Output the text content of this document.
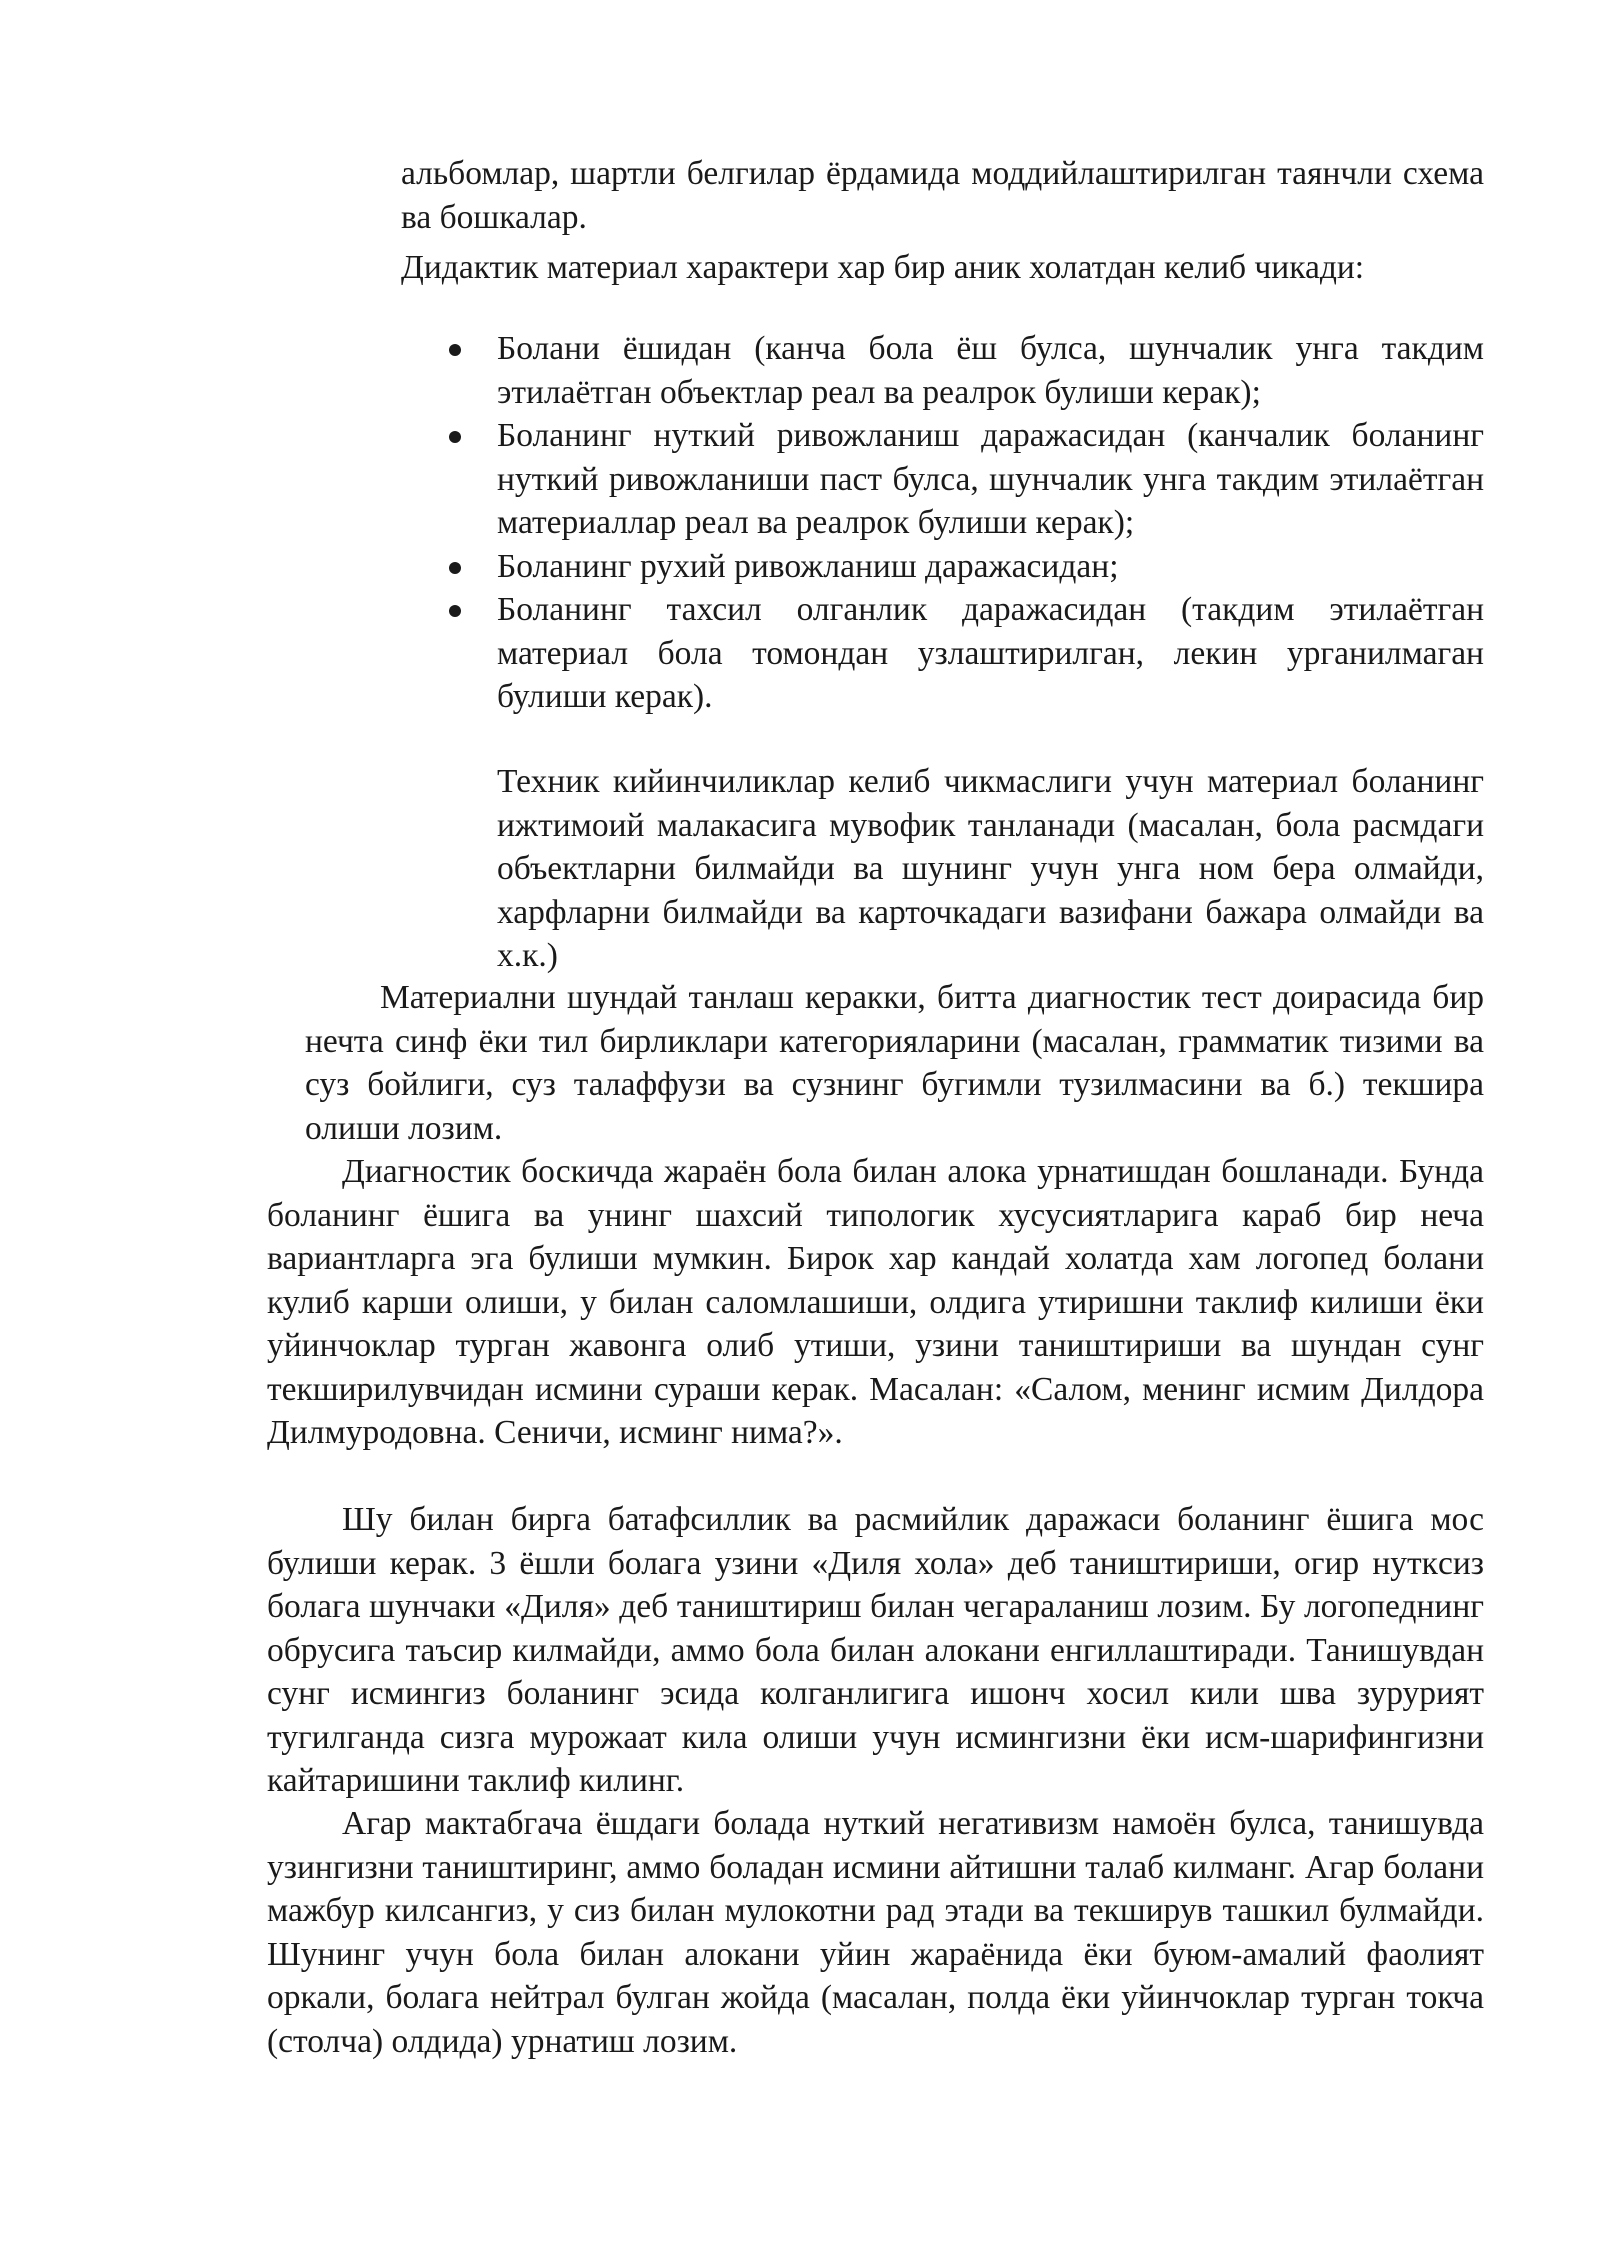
альбомлар, шартли белгилар ёрдамида моддийлаштирилган таянчли схема ва бошкалар.

Дидактик материал характери хар бир аник холатдан келиб чикади:

Болани ёшидан (канча бола ёш булса, шунчалик унга такдим этилаётган объектлар реал ва реалрок булиши керак);

Боланинг нуткий ривожланиш даражасидан (канчалик боланинг нуткий ривожланиши паст булса, шунчалик унга такдим этилаётган материаллар реал ва реалрок булиши керак);

Боланинг рухий ривожланиш даражасидан;

Боланинг тахсил олганлик даражасидан (такдим этилаётган материал бола томондан узлаштирилган, лекин урганилмаган булиши керак).

Техник кийинчиликлар келиб чикмаслиги учун материал боланинг ижтимоий малакасига мувофик танланади (масалан, бола расмдаги объектларни билмайди ва шунинг учун унга ном бера олмайди, харфларни билмайди ва карточкадаги вазифани бажара олмайди ва х.к.)

Материални шундай танлаш керакки, битта диагностик тест доирасида бир нечта синф ёки тил бирликлари категорияларини (масалан, грамматик тизими ва суз бойлиги, суз талаффузи ва сузнинг бугимли тузилмасини ва б.) текшира олиши лозим.

Диагностик боскичда жараён бола билан алока урнатишдан бошланади. Бунда боланинг ёшига ва унинг шахсий типологик хусусиятларига караб бир неча вариантларга эга булиши мумкин. Бирок хар кандай холатда хам логопед болани кулиб карши олиши, у билан саломлашиши, олдига утиришни таклиф килиши ёки уйинчоклар турган жавонга олиб утиши, узини таништириши ва шундан сунг текширилувчидан исмини сураши керак. Масалан: «Салом, менинг исмим Дилдора Дилмуродовна. Сеничи, исминг нима?».

Шу билан бирга батафсиллик ва расмийлик даражаси боланинг ёшига мос булиши керак. 3 ёшли болага узини «Диля хола» деб таништириши, огир нуткcиз болага шунчаки «Диля» деб таништириш билан чегараланиш лозим. Бу логопеднинг обрусига таъсир килмайди, аммо бола билан алокани енгиллаштиради. Танишувдан сунг исмингиз боланинг эсида колганлигига ишонч хосил кили шва зурурият тугилганда сизга мурожаат кила олиши учун исмингизни ёки исм-шарифингизни кайтаришини таклиф килинг.

Агар мактабгача ёшдаги болада нуткий негативизм намоён булса, танишувда узингизни таништиринг, аммо боладан исмини айтишни талаб килманг. Агар болани мажбур килсангиз, у сиз билан мулокотни рад этади ва текширув ташкил булмайди. Шунинг учун бола билан алокани уйин жараёнида ёки буюм-амалий фаолият оркали, болага нейтрал булган жойда (масалан, полда ёки уйинчоклар турган токча (столча) олдида) урнатиш лозим.
